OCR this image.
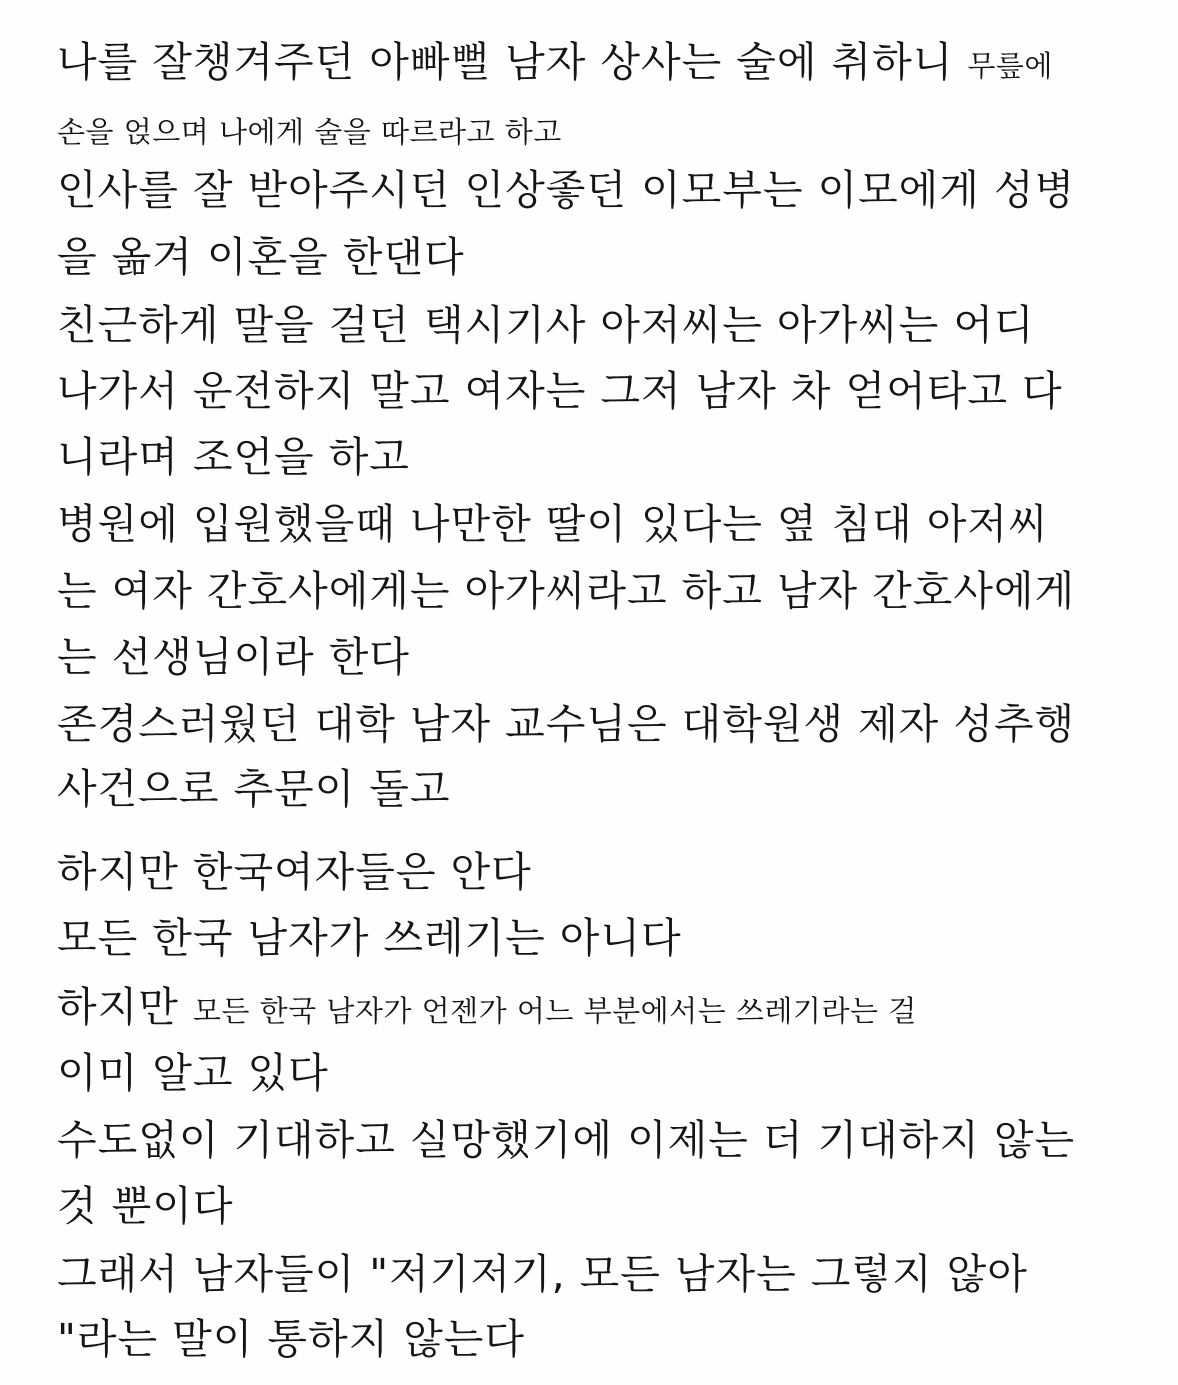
나를 잘챙겨주던 아빠뻘 남자 상사는 술에 취하니 무릎에
손을 얹으며 나에게 술을 따르라고 하고
인사를 잘 받아주시던 인상좋던 이모부는 이모에게 성병
을 옮겨 이혼을 한댄다
친근하게 말을 걸던 택시기사 아저씨는 아가씨는 어디
나가서 운전하지 말고 여자는 그저 남자 차 얻어타고 다
니라며 조언을 하고
병원에 입원했을때 나만한 딸이 있다는 옆 침대 아저씨
는 여자 간호사에게는 아가씨라고 하고 남자 간호사에게
는 선생님이라 한다
존경스러웠던 대학 남자 교수님은 대학원생 제자 성추행
사건으로 추문이 돌고
하지만 한국여자들은 안다
모든 한국 남자가 쓰레기는 아니다
하지만 모든 한국 남자가 언젠가 어느 부분에서는 쓰레기라는 걸
이미 알고 있다
수도없이 기대하고 실망했기에 이제는 더 기대하지 않는
것 뿐이다
그래서 남자들이 "저기저기, 모든 남자는 그렇지 않아
"라는 말이 통하지 않는다
